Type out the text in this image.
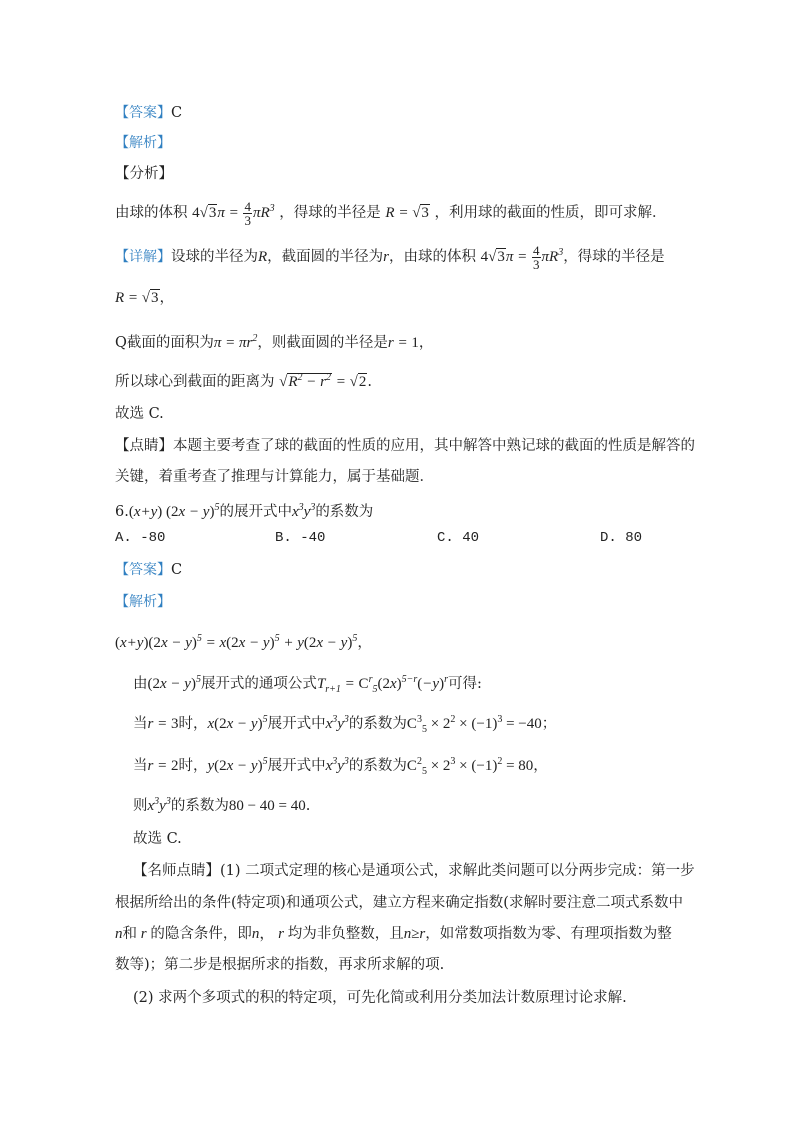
【答案】C
【解析】
【分析】
由球的体积 $4√3\pi = \frac{4}{3} \pi R^3$ ，得球的半径是 R = √3 ，利用球的截面的性质，即可求解．
【详解】设球的半径为R，截面圆的半径为r，由球的体积 $4√3\pi = \frac{4}{3} \pi R^3$，得球的半径是
R = √3，
Q截面的面积为$\pi = \pi r^2$，则截面圆的半径是r = 1，
所以球心到截面的距离为 $√R^2 - r^2 = √2$.
故选 C.
【点睛】本题主要考查了球的截面的性质的应用，其中解答中熟记球的截面的性质是解答的
关键，着重考查了推理与计算能力，属于基础题．
6.(x+y) $(2x - y)^5$的展开式中$x^3y^3$的系数为
A. -80	B. -40	C. 40	D. 80
【答案】C
【解析】
$(x+y)(2x - y)^5 = x(2x - y)^5 + y(2x - y)^5$，
由$(2x - y)^5$展开式的通项公式$T_{r+1} = C^r_5(2x)^{5-r}(-y)^r$可得:
当r = 3时，$x(2x - y)^5$展开式中$x^3y^3$的系数为$C^3_5 \times 2^2 \times (-1)^3 = -40$；
当r = 2时，$y(2x - y)^5$展开式中$x^3y^3$的系数为$C^2_5 \times 2^3 \times (-1)^2 = 80$，
则$x^3y^3$的系数为80 − 40 = 40.
故选 C.
【名师点睛】(1) 二项式定理的核心是通项公式，求解此类问题可以分两步完成：第一步
根据所给出的条件(特定项)和通项公式，建立方程来确定指数(求解时要注意二项式系数中
n和 r 的隐含条件，即n， r 均为非负整数，且n≥r，如常数项指数为零、有理项指数为整
数等)；第二步是根据所求的指数，再求所求解的项.
(2) 求两个多项式的积的特定项，可先化简或利用分类加法计数原理讨论求解.
